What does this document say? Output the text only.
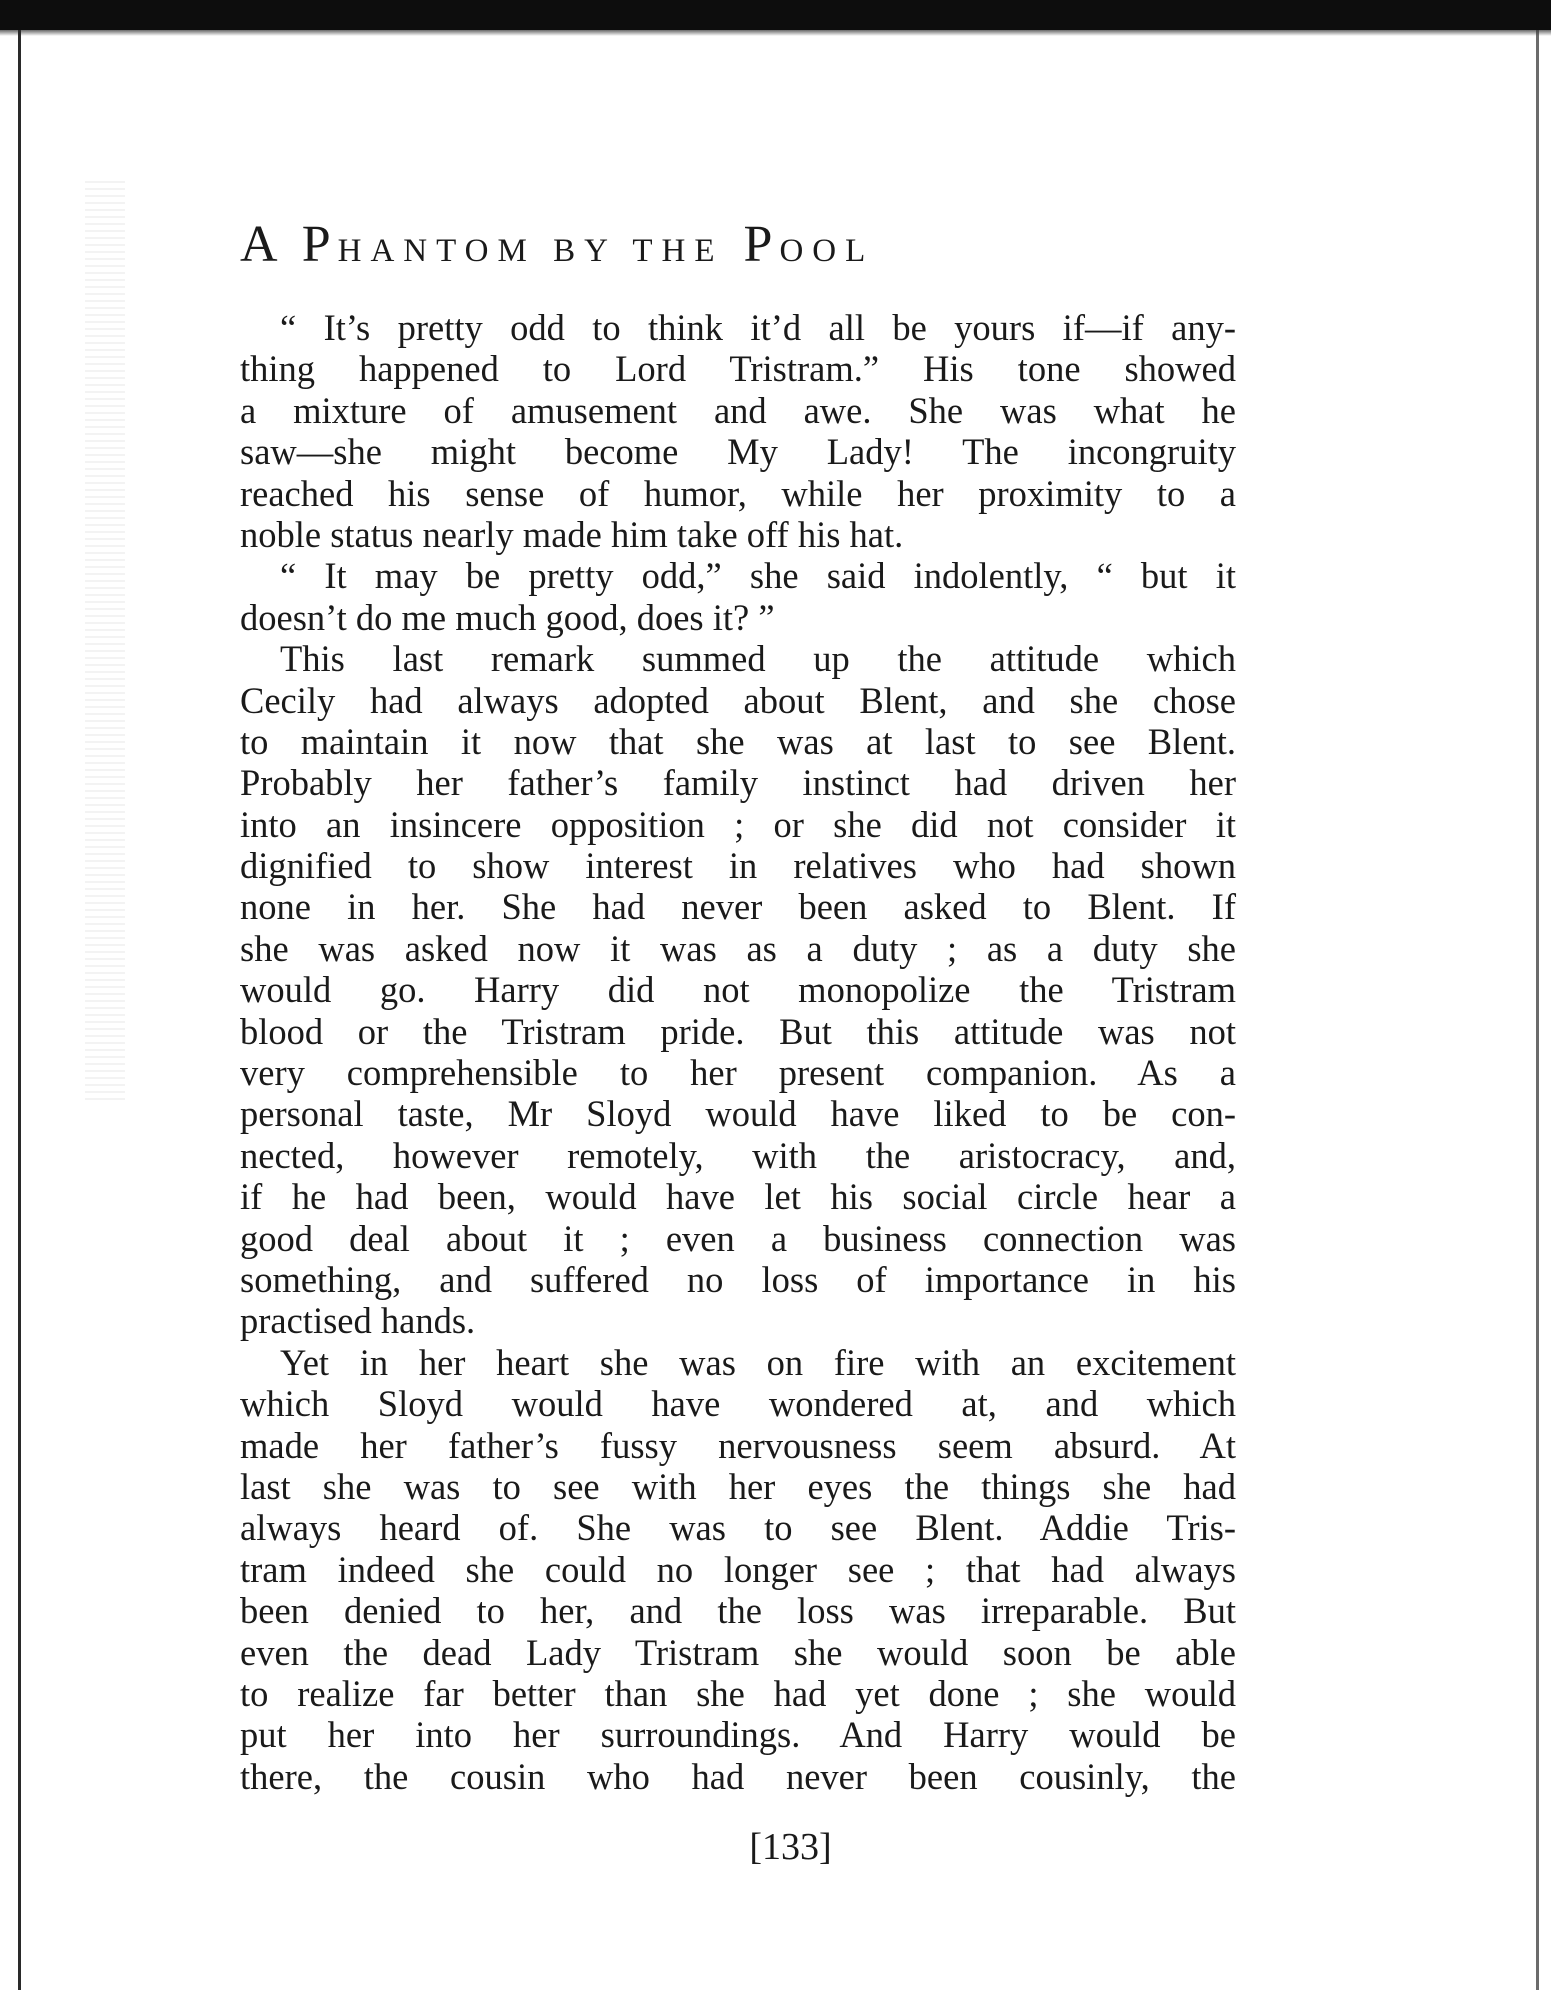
A PHANTOM BY THE POOL
“ It’s pretty odd to think it’d all be yours if—if any-
thing happened to Lord Tristram.” His tone showed
a mixture of amusement and awe. She was what he
saw—she might become My Lady! The incongruity
reached his sense of humor, while her proximity to a
noble status nearly made him take off his hat.
“ It may be pretty odd,” she said indolently, “ but it
doesn’t do me much good, does it? ”
This last remark summed up the attitude which
Cecily had always adopted about Blent, and she chose
to maintain it now that she was at last to see Blent.
Probably her father’s family instinct had driven her
into an insincere opposition ; or she did not consider it
dignified to show interest in relatives who had shown
none in her. She had never been asked to Blent. If
she was asked now it was as a duty ; as a duty she
would go. Harry did not monopolize the Tristram
blood or the Tristram pride. But this attitude was not
very comprehensible to her present companion. As a
personal taste, Mr Sloyd would have liked to be con-
nected, however remotely, with the aristocracy, and,
if he had been, would have let his social circle hear a
good deal about it ; even a business connection was
something, and suffered no loss of importance in his
practised hands.
Yet in her heart she was on fire with an excitement
which Sloyd would have wondered at, and which
made her father’s fussy nervousness seem absurd. At
last she was to see with her eyes the things she had
always heard of. She was to see Blent. Addie Tris-
tram indeed she could no longer see ; that had always
been denied to her, and the loss was irreparable. But
even the dead Lady Tristram she would soon be able
to realize far better than she had yet done ; she would
put her into her surroundings. And Harry would be
there, the cousin who had never been cousinly, the

[133]
